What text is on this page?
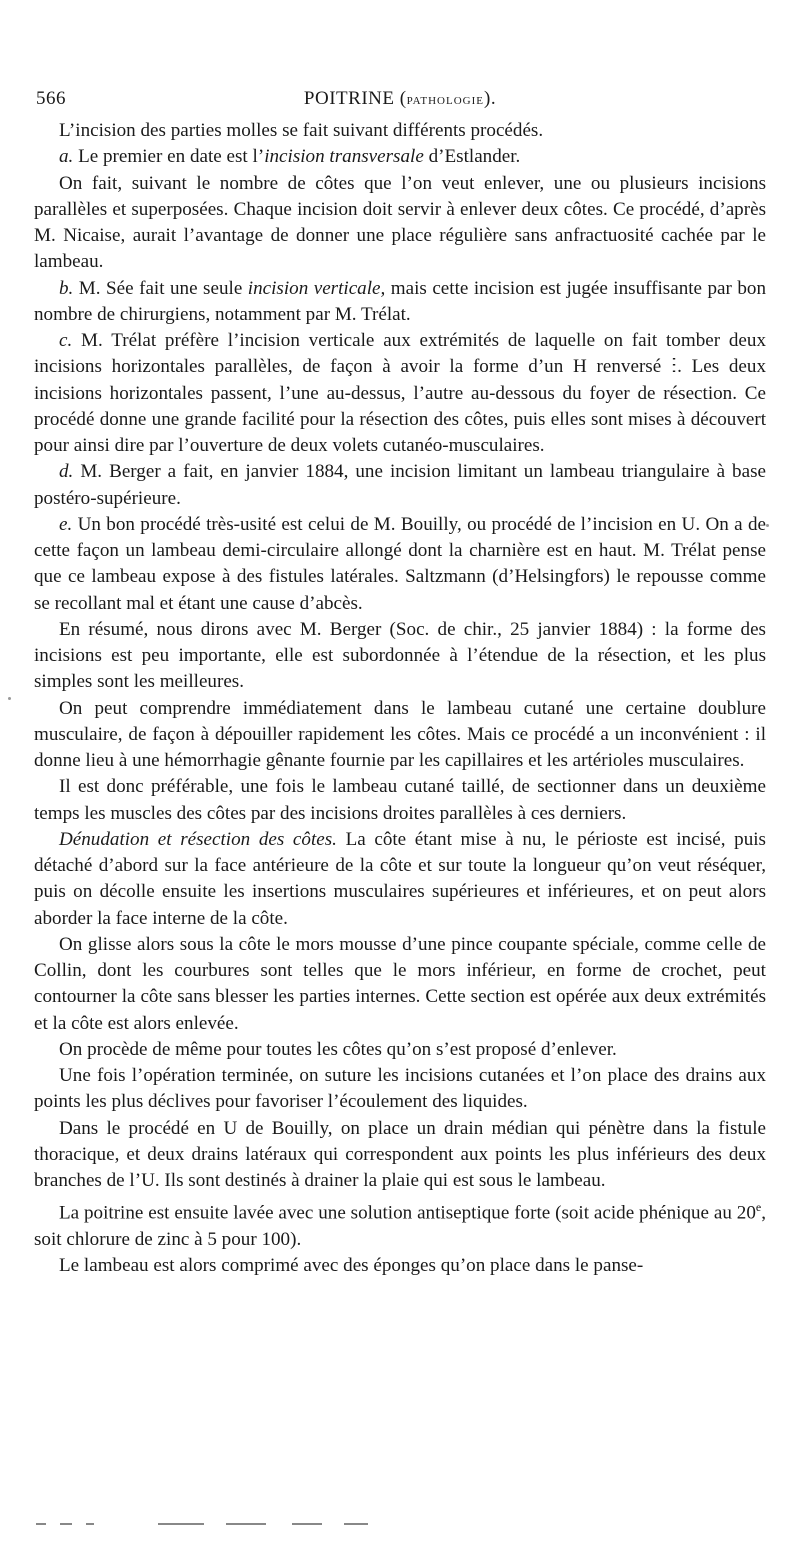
566	POITRINE (pathologie).

L’incision des parties molles se fait suivant différents procédés.

a. Le premier en date est l’incision transversale d’Estlander.

On fait, suivant le nombre de côtes que l’on veut enlever, une ou plusieurs incisions parallèles et superposées. Chaque incision doit servir à enlever deux côtes. Ce procédé, d’après M. Nicaise, aurait l’avantage de donner une place régulière sans anfractuosité cachée par le lambeau.

b. M. Sée fait une seule incision verticale, mais cette incision est jugée insuffisante par bon nombre de chirurgiens, notamment par M. Trélat.

c. M. Trélat préfère l’incision verticale aux extrémités de laquelle on fait tomber deux incisions horizontales parallèles, de façon à avoir la forme d’un H renversé ⵗ. Les deux incisions horizontales passent, l’une au-dessus, l’autre au-dessous du foyer de résection. Ce procédé donne une grande facilité pour la résection des côtes, puis elles sont mises à découvert pour ainsi dire par l’ouverture de deux volets cutanéo-musculaires.

d. M. Berger a fait, en janvier 1884, une incision limitant un lambeau triangulaire à base postéro-supérieure.

e. Un bon procédé très-usité est celui de M. Bouilly, ou procédé de l’incision en U. On a de cette façon un lambeau demi-circulaire allongé dont la charnière est en haut. M. Trélat pense que ce lambeau expose à des fistules latérales. Saltzmann (d’Helsingfors) le repousse comme se recollant mal et étant une cause d’abcès.

En résumé, nous dirons avec M. Berger (Soc. de chir., 25 janvier 1884) : la forme des incisions est peu importante, elle est subordonnée à l’étendue de la résection, et les plus simples sont les meilleures.

On peut comprendre immédiatement dans le lambeau cutané une certaine doublure musculaire, de façon à dépouiller rapidement les côtes. Mais ce procédé a un inconvénient : il donne lieu à une hémorrhagie gênante fournie par les capillaires et les artérioles musculaires.

Il est donc préférable, une fois le lambeau cutané taillé, de sectionner dans un deuxième temps les muscles des côtes par des incisions droites parallèles à ces derniers.

Dénudation et résection des côtes. La côte étant mise à nu, le périoste est incisé, puis détaché d’abord sur la face antérieure de la côte et sur toute la longueur qu’on veut réséquer, puis on décolle ensuite les insertions musculaires supérieures et inférieures, et on peut alors aborder la face interne de la côte.

On glisse alors sous la côte le mors mousse d’une pince coupante spéciale, comme celle de Collin, dont les courbures sont telles que le mors inférieur, en forme de crochet, peut contourner la côte sans blesser les parties internes. Cette section est opérée aux deux extrémités et la côte est alors enlevée.

On procède de même pour toutes les côtes qu’on s’est proposé d’enlever.

Une fois l’opération terminée, on suture les incisions cutanées et l’on place des drains aux points les plus déclives pour favoriser l’écoulement des liquides.

Dans le procédé en U de Bouilly, on place un drain médian qui pénètre dans la fistule thoracique, et deux drains latéraux qui correspondent aux points les plus inférieurs des deux branches de l’U. Ils sont destinés à drainer la plaie qui est sous le lambeau.

La poitrine est ensuite lavée avec une solution antiseptique forte (soit acide phénique au 20e, soit chlorure de zinc à 5 pour 100).

Le lambeau est alors comprimé avec des éponges qu’on place dans le panse-
